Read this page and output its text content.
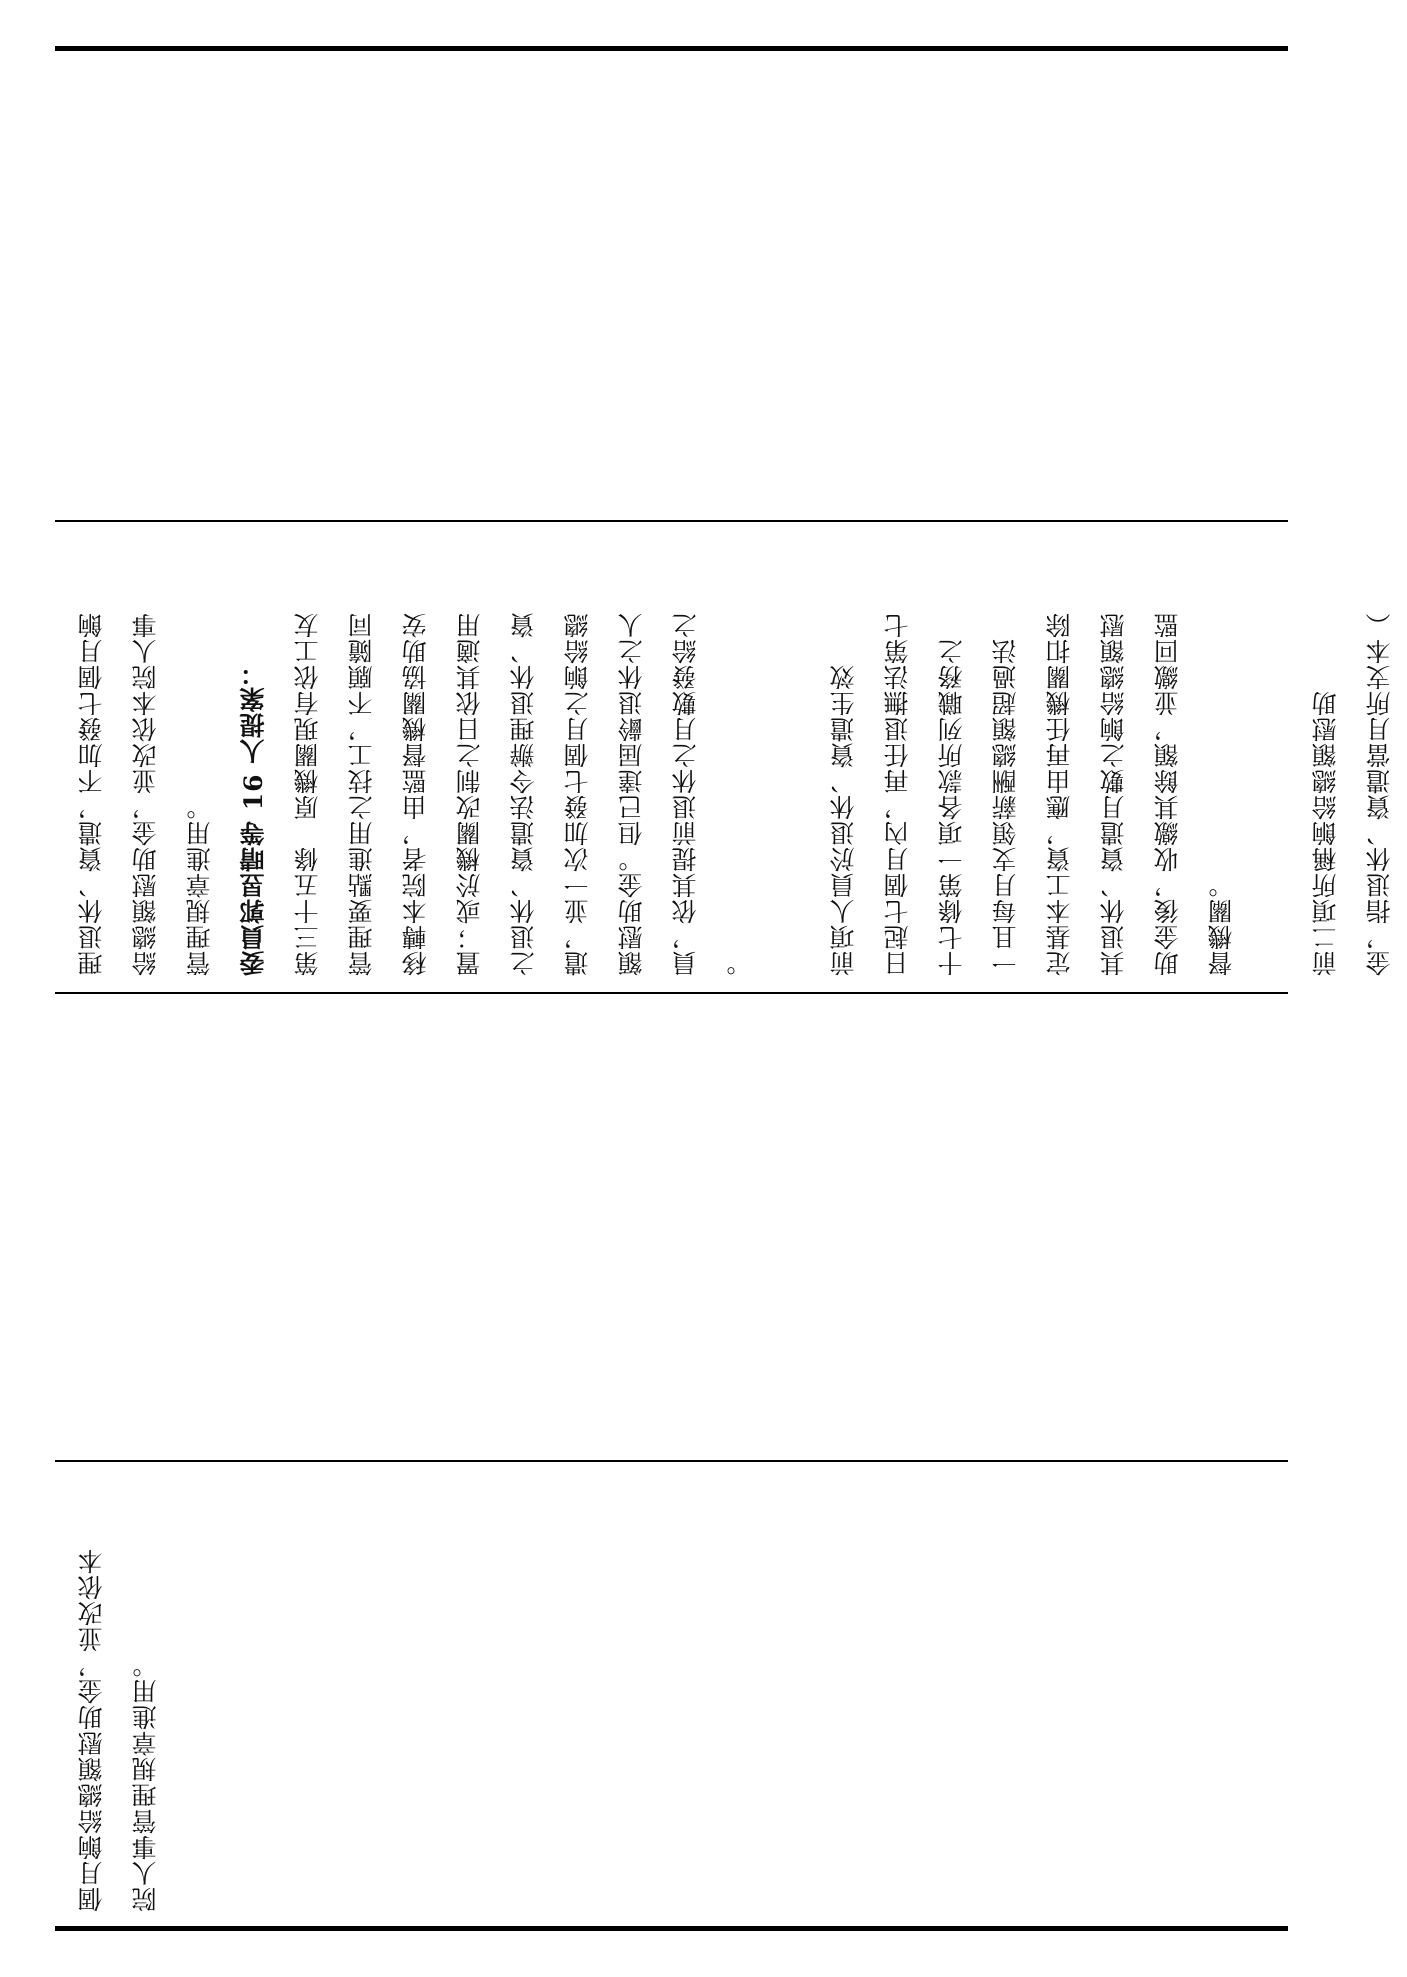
理退休、資遣，不加發七個月餉	給總額慰助金，並改依本院人事	管理規章進用。	委員郭昱晴等 16 人提案：	第三十五條　原機關現有依工友	管理要點進用之技工，不願隨同	移轉本院者，由監督機關協助安	置；或於機關改制之日依其適用	之退休、資遣法令辦理退休、資	遣，並一次加發七個月之餉給總	額慰助金。但已達屆齡退休之人	員，依其提前退休之月數發給之	。	前項人員於退休、資遣生效	日起七個月內，再任退撫法第七	十七條第一項各款所列職務之	一且每月支領薪酬總額超過法	定基本工資，應由再任機關扣除	其退休、資遣月數之餉給總額慰	助金後，收繳其餘額，並繳回監	督機關。	前二項所稱餉給總額慰助	金，指退休、資遣當月所支本（
個月餉給總額慰助金，並改依本	院人事管理規章進用。
